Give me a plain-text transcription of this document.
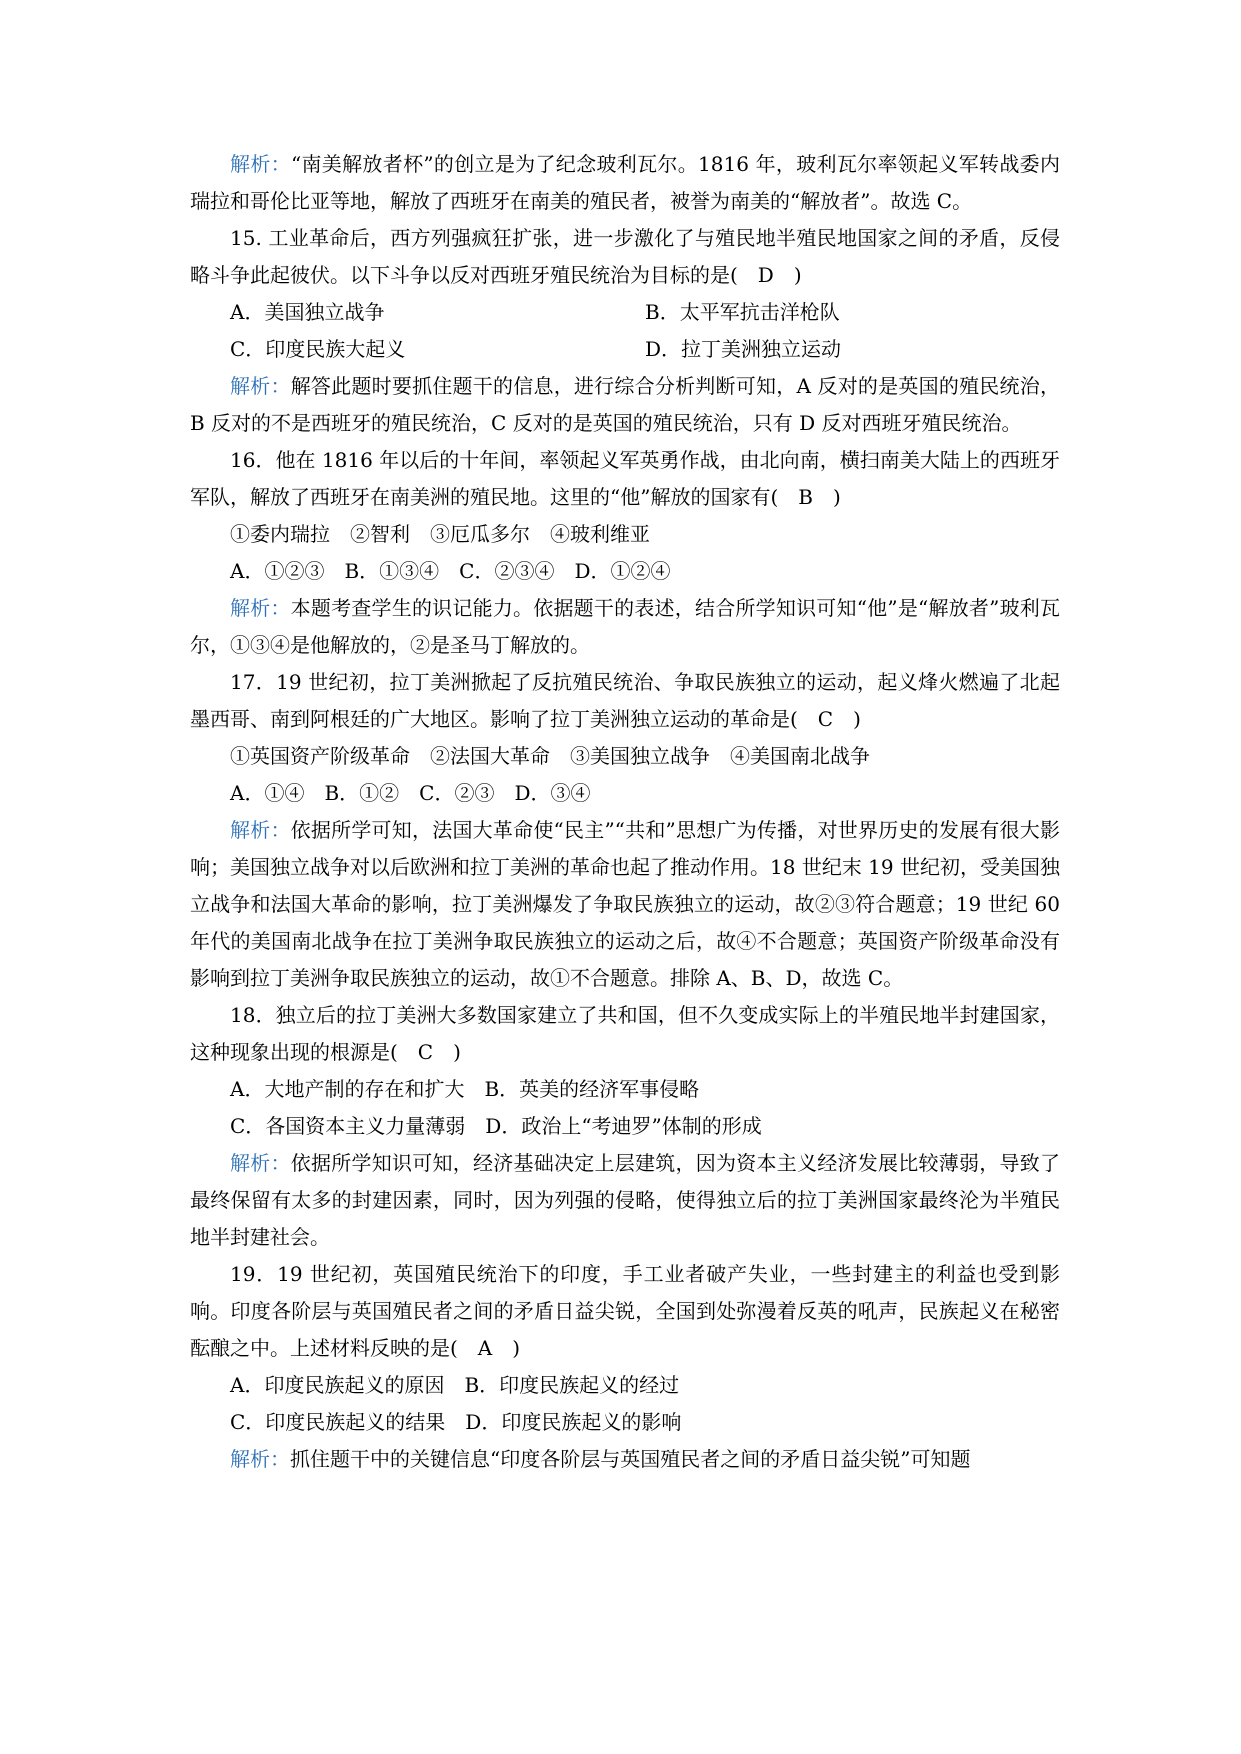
解析：“南美解放者杯”的创立是为了纪念玻利瓦尔。1816 年，玻利瓦尔率领起义军转战委内瑞拉和哥伦比亚等地，解放了西班牙在南美的殖民者，被誉为南美的“解放者”。故选 C。

15. 工业革命后，西方列强疯狂扩张，进一步激化了与殖民地半殖民地国家之间的矛盾，反侵略斗争此起彼伏。以下斗争以反对西班牙殖民统治为目标的是(　D　)

A．美国独立战争	B．太平军抗击洋枪队
C．印度民族大起义	D．拉丁美洲独立运动

解析：解答此题时要抓住题干的信息，进行综合分析判断可知，A 反对的是英国的殖民统治，B 反对的不是西班牙的殖民统治，C 反对的是英国的殖民统治，只有 D 反对西班牙殖民统治。

16．他在 1816 年以后的十年间，率领起义军英勇作战，由北向南，横扫南美大陆上的西班牙军队，解放了西班牙在南美洲的殖民地。这里的“他”解放的国家有(　B　)

①委内瑞拉　②智利　③厄瓜多尔　④玻利维亚

A．①②③　B．①③④　C．②③④　D．①②④

解析：本题考查学生的识记能力。依据题干的表述，结合所学知识可知“他”是“解放者”玻利瓦尔，①③④是他解放的，②是圣马丁解放的。

17．19 世纪初，拉丁美洲掀起了反抗殖民统治、争取民族独立的运动，起义烽火燃遍了北起墨西哥、南到阿根廷的广大地区。影响了拉丁美洲独立运动的革命是(　C　)

①英国资产阶级革命　②法国大革命　③美国独立战争　④美国南北战争

A．①④　B．①②　C．②③　D．③④

解析：依据所学可知，法国大革命使“民主”“共和”思想广为传播，对世界历史的发展有很大影响；美国独立战争对以后欧洲和拉丁美洲的革命也起了推动作用。18 世纪末 19 世纪初，受美国独立战争和法国大革命的影响，拉丁美洲爆发了争取民族独立的运动，故②③符合题意；19 世纪 60 年代的美国南北战争在拉丁美洲争取民族独立的运动之后，故④不合题意；英国资产阶级革命没有影响到拉丁美洲争取民族独立的运动，故①不合题意。排除 A、B、D，故选 C。

18．独立后的拉丁美洲大多数国家建立了共和国，但不久变成实际上的半殖民地半封建国家，这种现象出现的根源是(　C　)

A．大地产制的存在和扩大　B．英美的经济军事侵略

C．各国资本主义力量薄弱　D．政治上“考迪罗”体制的形成

解析：依据所学知识可知，经济基础决定上层建筑，因为资本主义经济发展比较薄弱，导致了最终保留有太多的封建因素，同时，因为列强的侵略，使得独立后的拉丁美洲国家最终沦为半殖民地半封建社会。

19．19 世纪初，英国殖民统治下的印度，手工业者破产失业，一些封建主的利益也受到影响。印度各阶层与英国殖民者之间的矛盾日益尖锐，全国到处弥漫着反英的吼声，民族起义在秘密酝酿之中。上述材料反映的是(　A　)

A．印度民族起义的原因　B．印度民族起义的经过

C．印度民族起义的结果　D．印度民族起义的影响

解析：抓住题干中的关键信息“印度各阶层与英国殖民者之间的矛盾日益尖锐”可知题
